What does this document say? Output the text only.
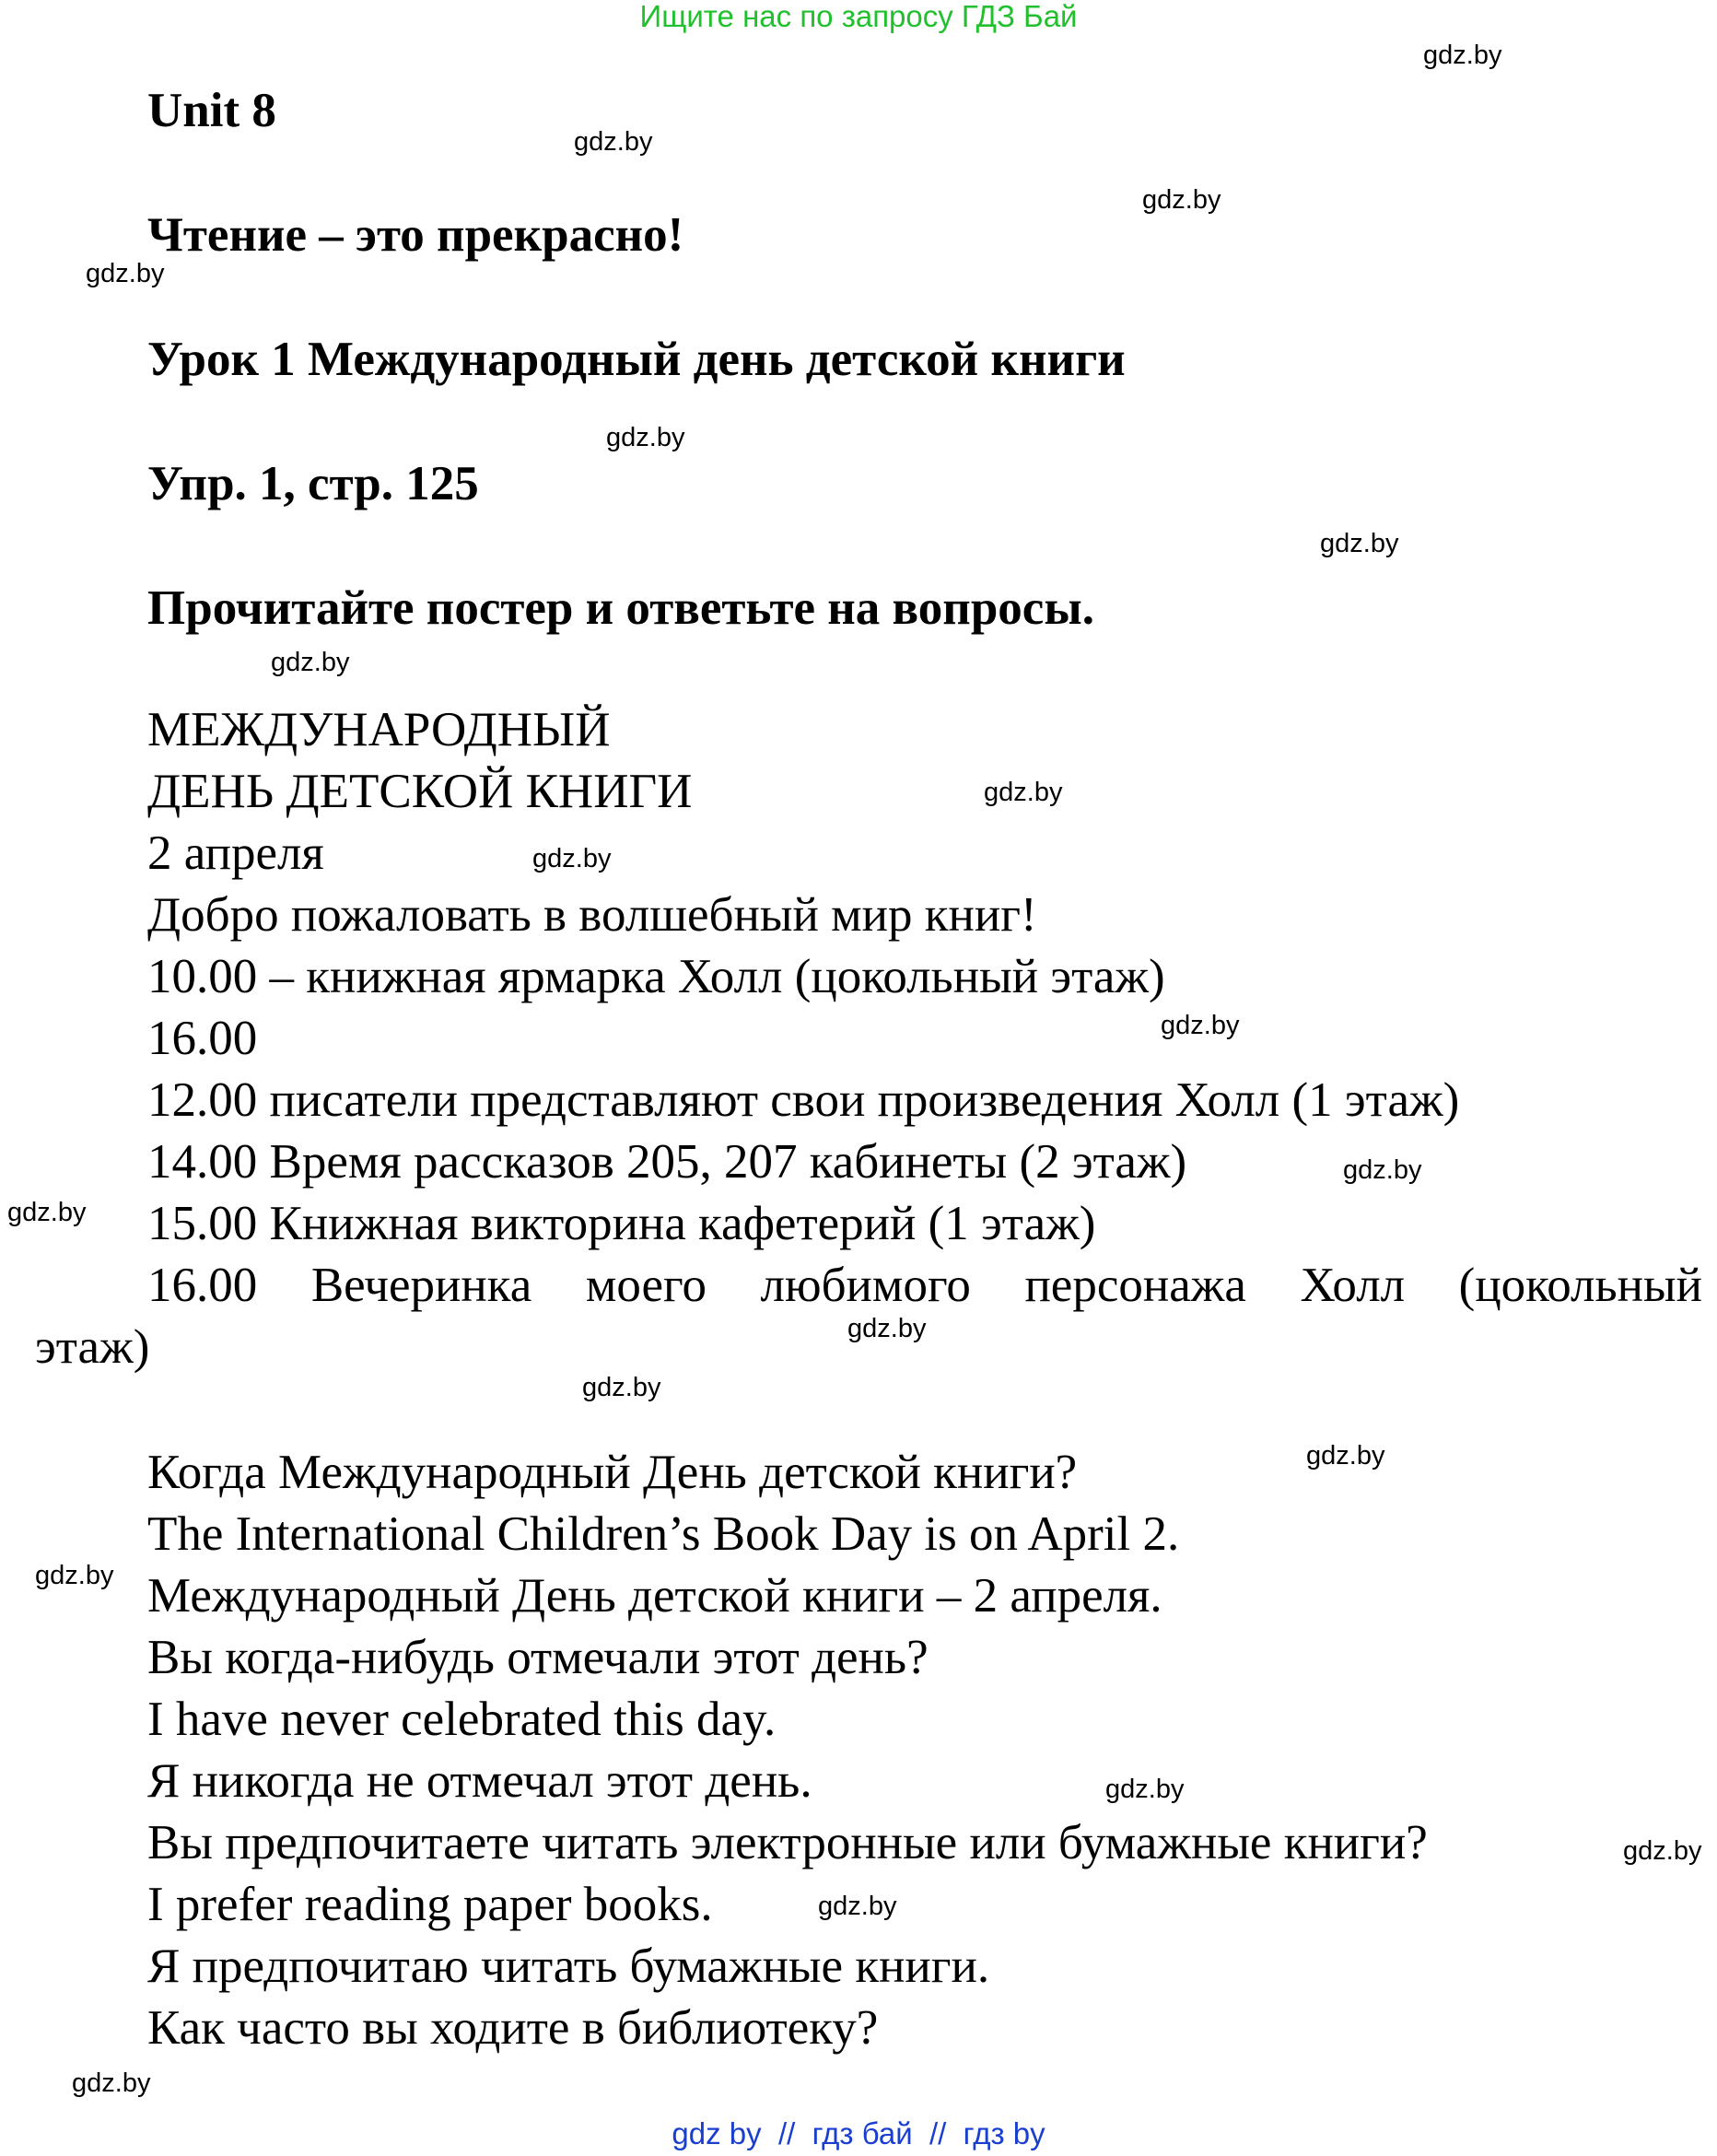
Ищите нас по запросу ГДЗ Бай
Unit 8
Чтение – это прекрасно!
Урок 1 Международный день детской книги
Упр. 1, стр. 125
Прочитайте постер и ответьте на вопросы.
МЕЖДУНАРОДНЫЙ
ДЕНЬ ДЕТСКОЙ КНИГИ
2 апреля
Добро пожаловать в волшебный мир книг!
10.00 – книжная ярмарка Холл (цокольный этаж)
16.00
12.00 писатели представляют свои произведения Холл (1 этаж)
14.00 Время рассказов 205, 207 кабинеты (2 этаж)
15.00 Книжная викторина кафетерий (1 этаж)
16.00 Вечеринка моего любимого персонажа Холл (цокольный
этаж)
Когда Международный День детской книги?
The International Children’s Book Day is on April 2.
Международный День детской книги – 2 апреля.
Вы когда-нибудь отмечали этот день?
I have never celebrated this day.
Я никогда не отмечал этот день.
Вы предпочитаете читать электронные или бумажные книги?
I prefer reading paper books.
Я предпочитаю читать бумажные книги.
Как часто вы ходите в библиотеку?
gdz.by
gdz.by
gdz.by
gdz.by
gdz.by
gdz.by
gdz.by
gdz.by
gdz.by
gdz.by
gdz.by
gdz.by
gdz.by
gdz.by
gdz.by
gdz.by
gdz.by
gdz.by
gdz.by
gdz.by
gdz by  //  гдз бай  //  гдз by
